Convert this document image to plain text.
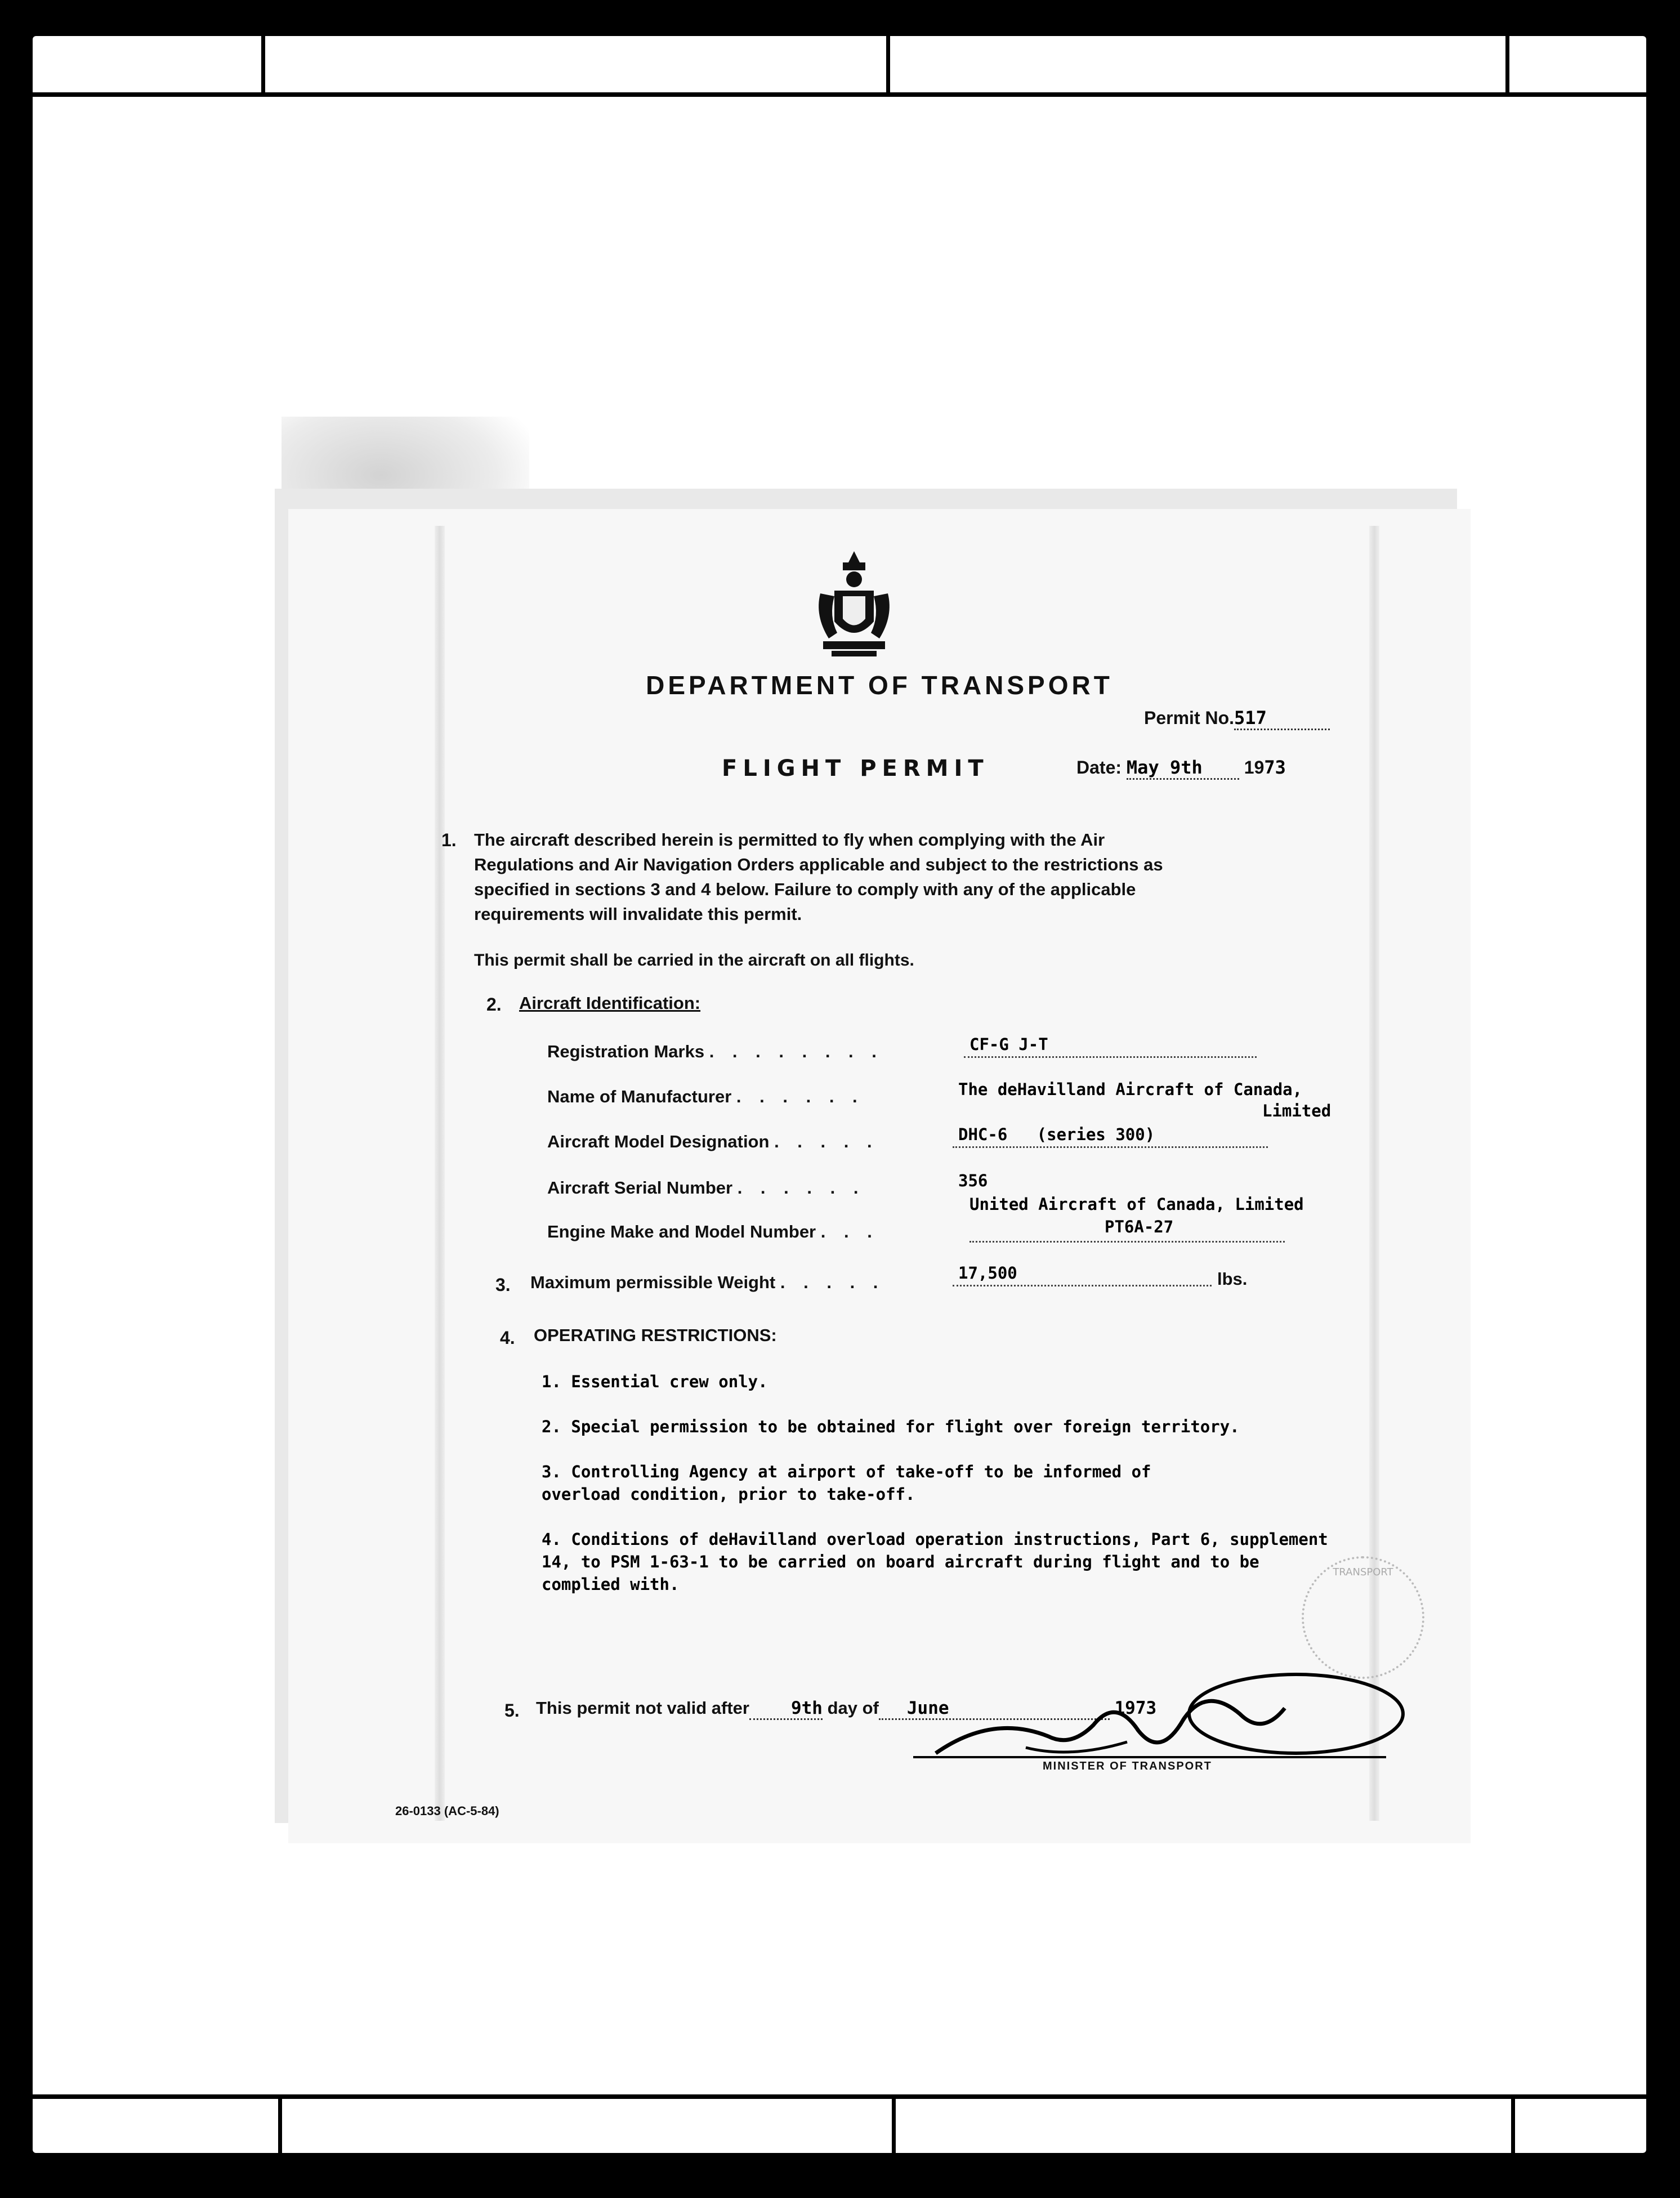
DEPARTMENT OF TRANSPORT
Permit No.517
FLIGHT PERMIT	Date: May 9th 1973
1. The aircraft described herein is permitted to fly when complying with the Air Regulations and Air Navigation Orders applicable and subject to the restrictions as specified in sections 3 and 4 below. Failure to comply with any of the applicable requirements will invalidate this permit.
This permit shall be carried in the aircraft on all flights.
2. Aircraft Identification:
Registration Marks . . . . . . . .	CF-G J-T
Name of Manufacturer . . . . . .	The deHavilland Aircraft of Canada,
Limited
Aircraft Model Designation . . . . .	DHC-6   (series 300)
Aircraft Serial Number . . . . . .	356
Engine Make and Model Number . . .
United Aircraft of Canada, Limited
PT6A-27
3. Maximum permissible Weight . . . . .	17,500	lbs.
4. OPERATING RESTRICTIONS:
1. Essential crew only.
2. Special permission to be obtained for flight over foreign territory.
3. Controlling Agency at airport of take-off to be informed of overload condition, prior to take-off.
4. Conditions of deHavilland overload operation instructions, Part 6, supplement 14, to PSM 1-63-1 to be carried on board aircraft during flight and to be complied with.
TRANSPORT
5. This permit not valid after 9th day of June	1973
MINISTER OF TRANSPORT
26-0133 (AC-5-84)
